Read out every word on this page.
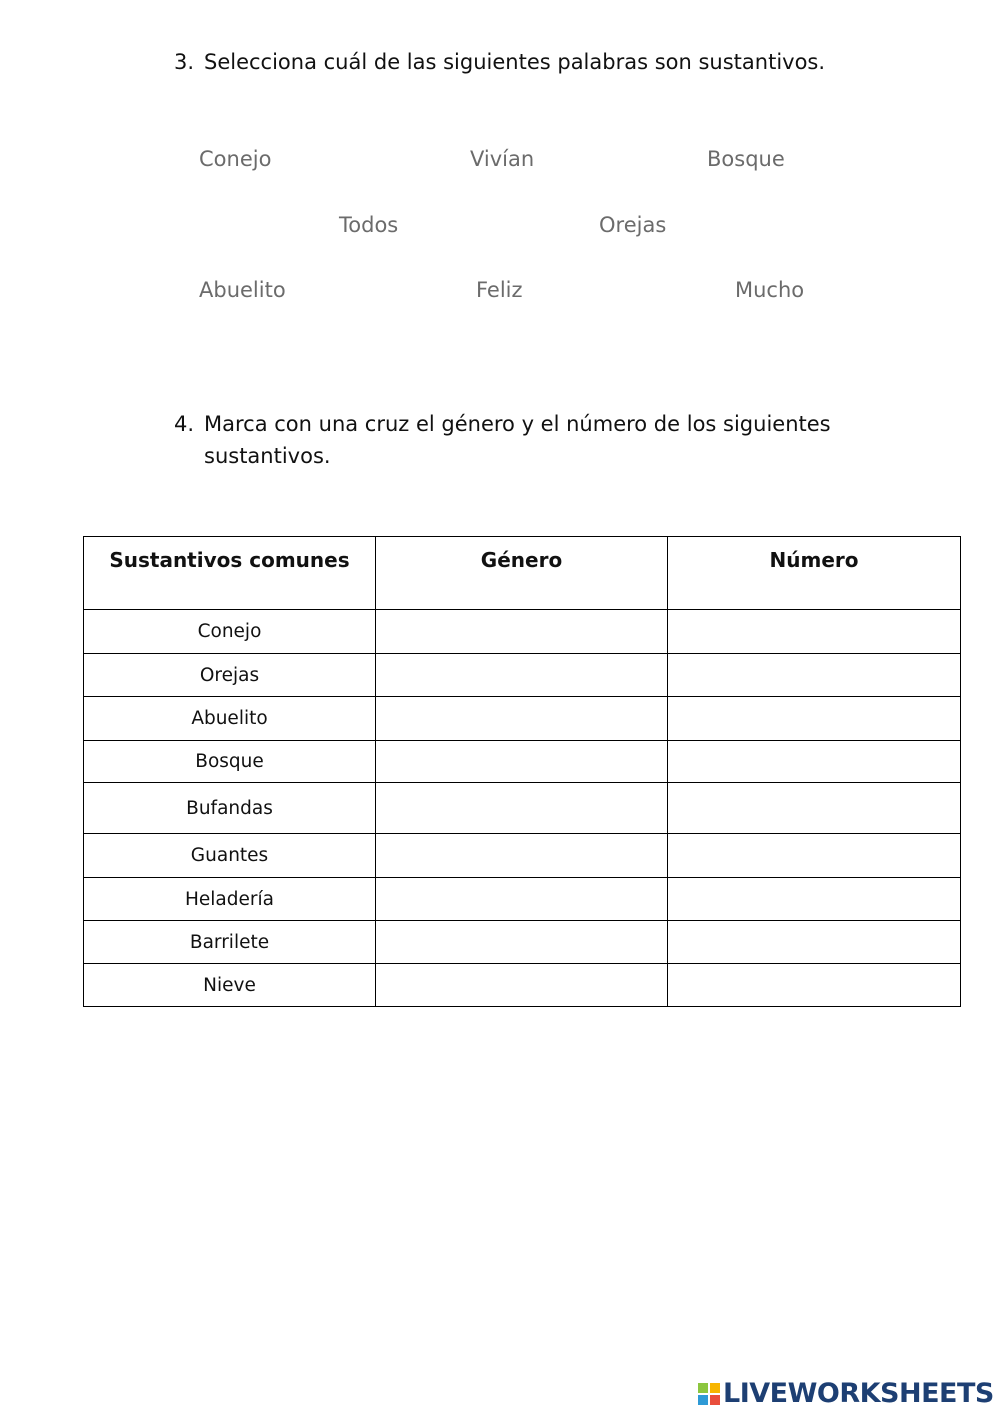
3. Selecciona cuál de las siguientes palabras son sustantivos.
Conejo	Vivían	Bosque
Todos	Orejas
Abuelito	Feliz	Mucho
4. Marca con una cruz el género y el número de los siguientes
sustantivos.
Sustantivos comunes	Género	Número
Conejo		
Orejas		
Abuelito		
Bosque		
Bufandas		
Guantes		
Heladería		
Barrilete		
Nieve		
LIVEWORKSHEETS
